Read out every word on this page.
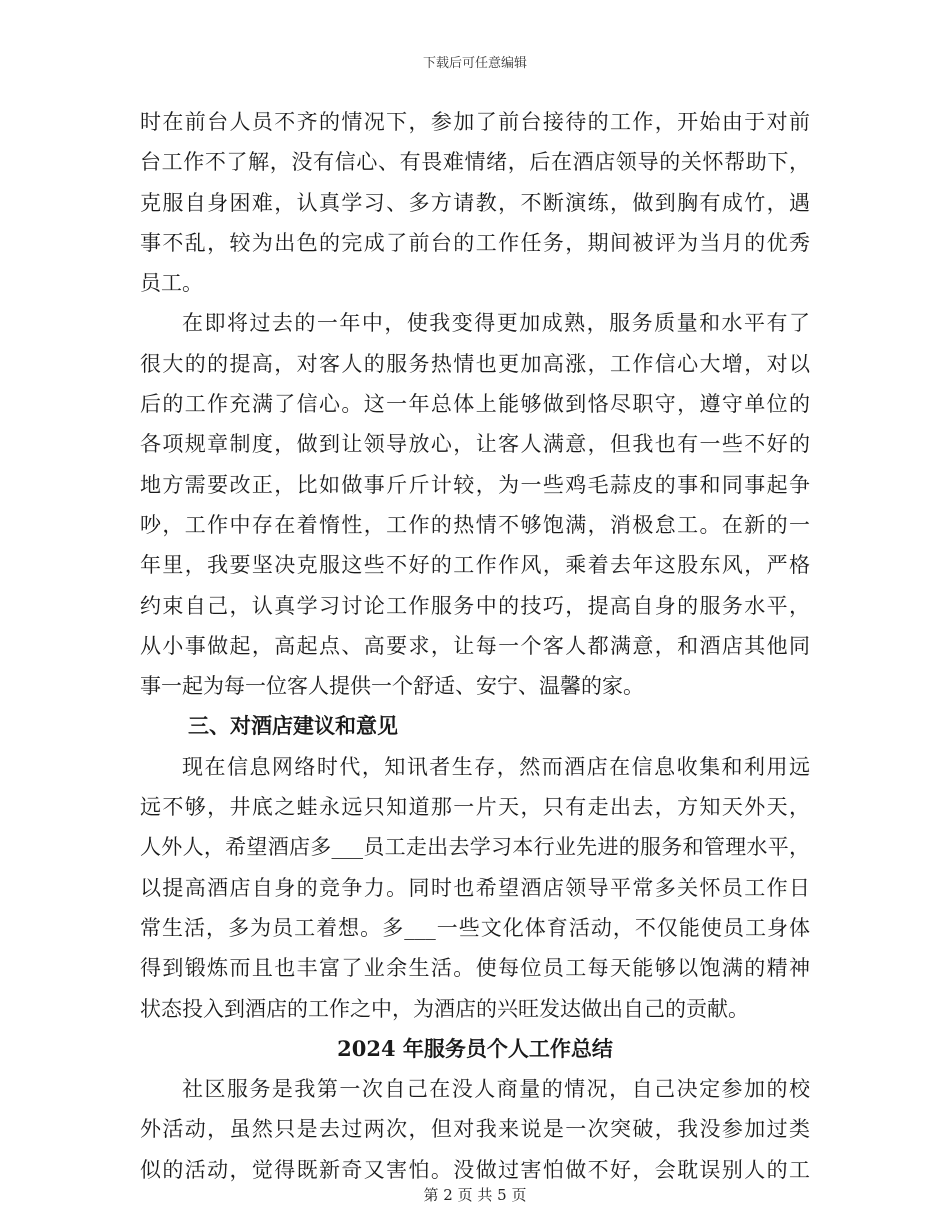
下载后可任意编辑
时在前台人员不齐的情况下，参加了前台接待的工作，开始由于对前
台工作不了解，没有信心、有畏难情绪，后在酒店领导的关怀帮助下，
克服自身困难，认真学习、多方请教，不断演练，做到胸有成竹，遇
事不乱，较为出色的完成了前台的工作任务，期间被评为当月的优秀
员工。
在即将过去的一年中，使我变得更加成熟，服务质量和水平有了
很大的的提高，对客人的服务热情也更加高涨，工作信心大增，对以
后的工作充满了信心。这一年总体上能够做到恪尽职守，遵守单位的
各项规章制度，做到让领导放心，让客人满意，但我也有一些不好的
地方需要改正，比如做事斤斤计较，为一些鸡毛蒜皮的事和同事起争
吵，工作中存在着惰性，工作的热情不够饱满，消极怠工。在新的一
年里，我要坚决克服这些不好的工作作风，乘着去年这股东风，严格
约束自己，认真学习讨论工作服务中的技巧，提高自身的服务水平，
从小事做起，高起点、高要求，让每一个客人都满意，和酒店其他同
事一起为每一位客人提供一个舒适、安宁、温馨的家。
三、对酒店建议和意见
现在信息网络时代，知讯者生存，然而酒店在信息收集和利用远
远不够，井底之蛙永远只知道那一片天，只有走出去，方知天外天，
人外人，希望酒店多___员工走出去学习本行业先进的服务和管理水平，
以提高酒店自身的竞争力。同时也希望酒店领导平常多关怀员工作日
常生活，多为员工着想。多___一些文化体育活动，不仅能使员工身体
得到锻炼而且也丰富了业余生活。使每位员工每天能够以饱满的精神
状态投入到酒店的工作之中，为酒店的兴旺发达做出自己的贡献。
2024 年服务员个人工作总结
社区服务是我第一次自己在没人商量的情况，自己决定参加的校
外活动，虽然只是去过两次，但对我来说是一次突破，我没参加过类
似的活动，觉得既新奇又害怕。没做过害怕做不好，会耽误别人的工
第 2 页 共 5 页
